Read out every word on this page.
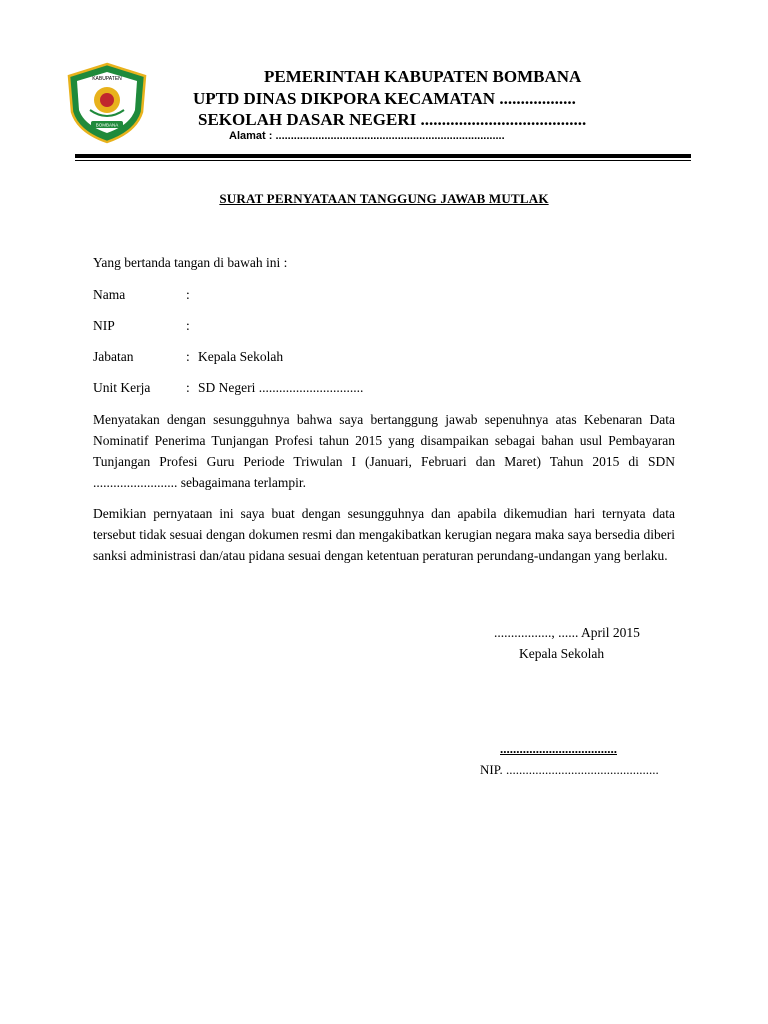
KABUPATEN
BOMBANA
PEMERINTAH KABUPATEN BOMBANA
UPTD DINAS DIKPORA KECAMATAN ..................
SEKOLAH DASAR NEGERI .......................................
Alamat : ...........................................................................
SURAT PERNYATAAN TANGGUNG JAWAB MUTLAK
Yang bertanda tangan di bawah ini :
Nama	:
NIP	:
Jabatan	: Kepala Sekolah
Unit Kerja	: SD Negeri ...............................
Menyatakan dengan sesungguhnya bahwa saya bertanggung jawab sepenuhnya atas Kebenaran Data Nominatif Penerima Tunjangan Profesi tahun 2015 yang disampaikan sebagai bahan usul Pembayaran Tunjangan Profesi Guru Periode Triwulan I (Januari, Februari dan Maret) Tahun 2015 di SDN ......................... sebagaimana terlampir.
Demikian pernyataan ini saya buat dengan sesungguhnya dan apabila dikemudian hari ternyata data tersebut tidak sesuai dengan dokumen resmi dan mengakibatkan kerugian negara maka saya bersedia diberi sanksi administrasi dan/atau pidana sesuai dengan ketentuan peraturan perundang-undangan yang berlaku.
................., ...... April 2015
Kepala Sekolah
....................................
NIP. ...............................................
